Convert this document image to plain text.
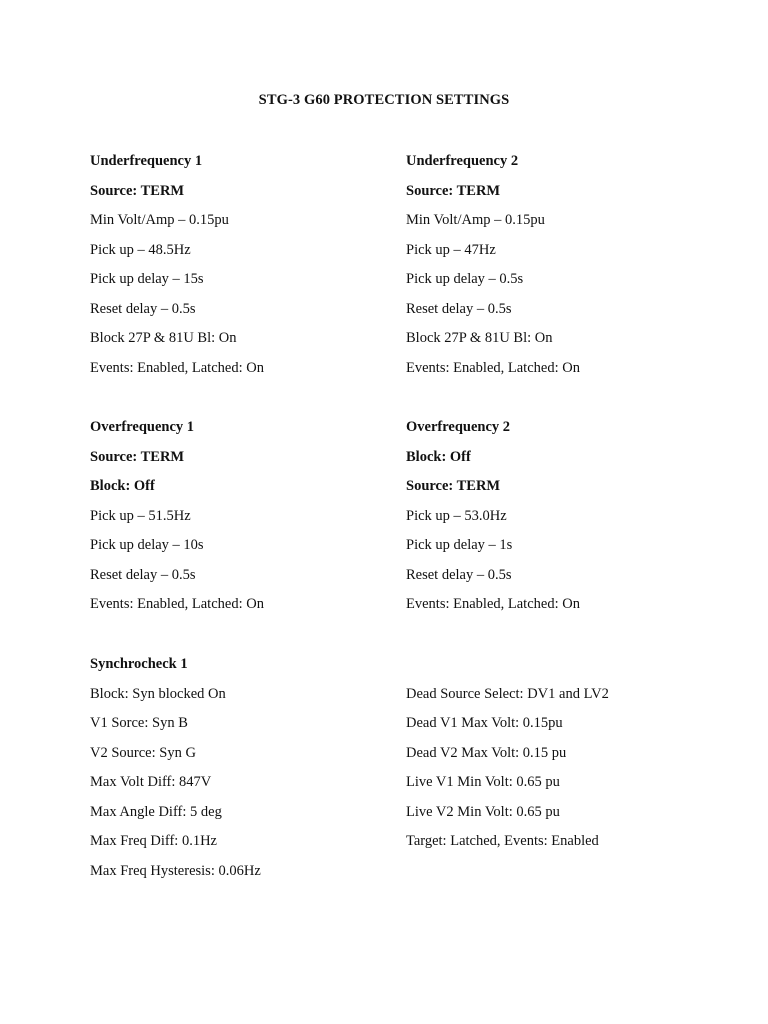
STG-3 G60 PROTECTION SETTINGS
Underfrequency 1
Source: TERM
Min Volt/Amp – 0.15pu
Pick up – 48.5Hz
Pick up delay – 15s
Reset delay – 0.5s
Block 27P & 81U Bl: On
Events: Enabled, Latched: On
Underfrequency 2
Source: TERM
Min Volt/Amp – 0.15pu
Pick up – 47Hz
Pick up delay – 0.5s
Reset delay – 0.5s
Block 27P & 81U Bl: On
Events: Enabled, Latched: On
Overfrequency 1
Source: TERM
Block: Off
Pick up – 51.5Hz
Pick up delay – 10s
Reset delay – 0.5s
Events: Enabled, Latched: On
Overfrequency 2
Block: Off
Source: TERM
Pick up – 53.0Hz
Pick up delay – 1s
Reset delay – 0.5s
Events: Enabled, Latched: On
Synchrocheck 1
Block: Syn blocked On
V1 Sorce: Syn B
V2 Source: Syn G
Max Volt Diff: 847V
Max Angle Diff: 5 deg
Max Freq Diff: 0.1Hz
Max Freq Hysteresis: 0.06Hz
Dead Source Select: DV1 and LV2
Dead V1 Max Volt: 0.15pu
Dead V2 Max Volt: 0.15 pu
Live V1 Min Volt: 0.65 pu
Live V2 Min Volt: 0.65 pu
Target: Latched, Events: Enabled
